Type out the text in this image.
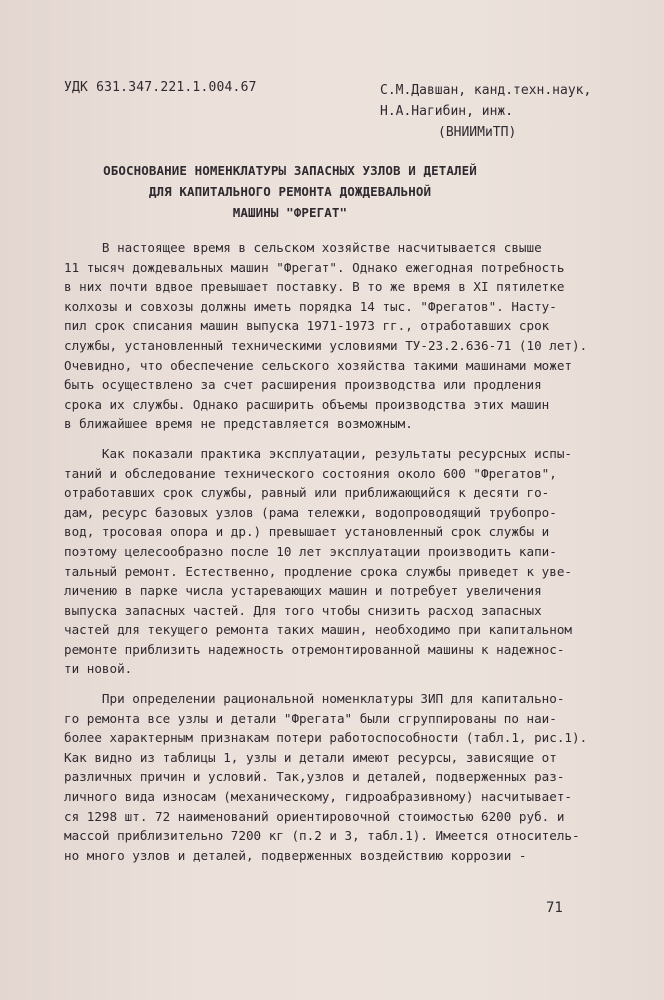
УДК 631.347.221.1.004.67	С.М.Давшан, канд.техн.наук,
Н.А.Нагибин, инж.
(ВНИИМиТП)
ОБОСНОВАНИЕ НОМЕНКЛАТУРЫ ЗАПАСНЫХ УЗЛОВ И ДЕТАЛЕЙ
ДЛЯ КАПИТАЛЬНОГО РЕМОНТА ДОЖДЕВАЛЬНОЙ
МАШИНЫ "ФРЕГАТ"
В настоящее время в сельском хозяйстве насчитывается свыше
11 тысяч дождевальных машин "Фрегат". Однако ежегодная потребность
в них почти вдвое превышает поставку. В то же время в XI пятилетке
колхозы и совхозы должны иметь порядка 14 тыс. "Фрегатов". Насту-
пил срок списания машин выпуска 1971-1973 гг., отработавших срок
службы, установленный техническими условиями ТУ-23.2.636-71 (10 лет).
Очевидно, что обеспечение сельского хозяйства такими машинами может
быть осуществлено за счет расширения производства или продления
срока их службы. Однако расширить объемы производства этих машин
в ближайшее время не представляется возможным.
Как показали практика эксплуатации, результаты ресурсных испы-
таний и обследование технического состояния около 600 "Фрегатов",
отработавших срок службы, равный или приближающийся к десяти го-
дам, ресурс базовых узлов (рама тележки, водопроводящий трубопро-
вод, тросовая опора и др.) превышает установленный срок службы и
поэтому целесообразно после 10 лет эксплуатации производить капи-
тальный ремонт. Естественно, продление срока службы приведет к уве-
личению в парке числа устаревающих машин и потребует увеличения
выпуска запасных частей. Для того чтобы снизить расход запасных
частей для текущего ремонта таких машин, необходимо при капитальном
ремонте приблизить надежность отремонтированной машины к надежнос-
ти новой.
При определении рациональной номенклатуры ЗИП для капитально-
го ремонта все узлы и детали "Фрегата" были сгруппированы по наи-
более характерным признакам потери работоспособности (табл.1, рис.1).
Как видно из таблицы 1, узлы и детали имеют ресурсы, зависящие от
различных причин и условий. Так,узлов и деталей, подверженных раз-
личного вида износам (механическому, гидроабразивному) насчитывает-
ся 1298 шт. 72 наименований ориентировочной стоимостью 6200 руб. и
массой приблизительно 7200 кг (п.2 и 3, табл.1). Имеется относитель-
но много узлов и деталей, подверженных воздействию коррозии -
71
